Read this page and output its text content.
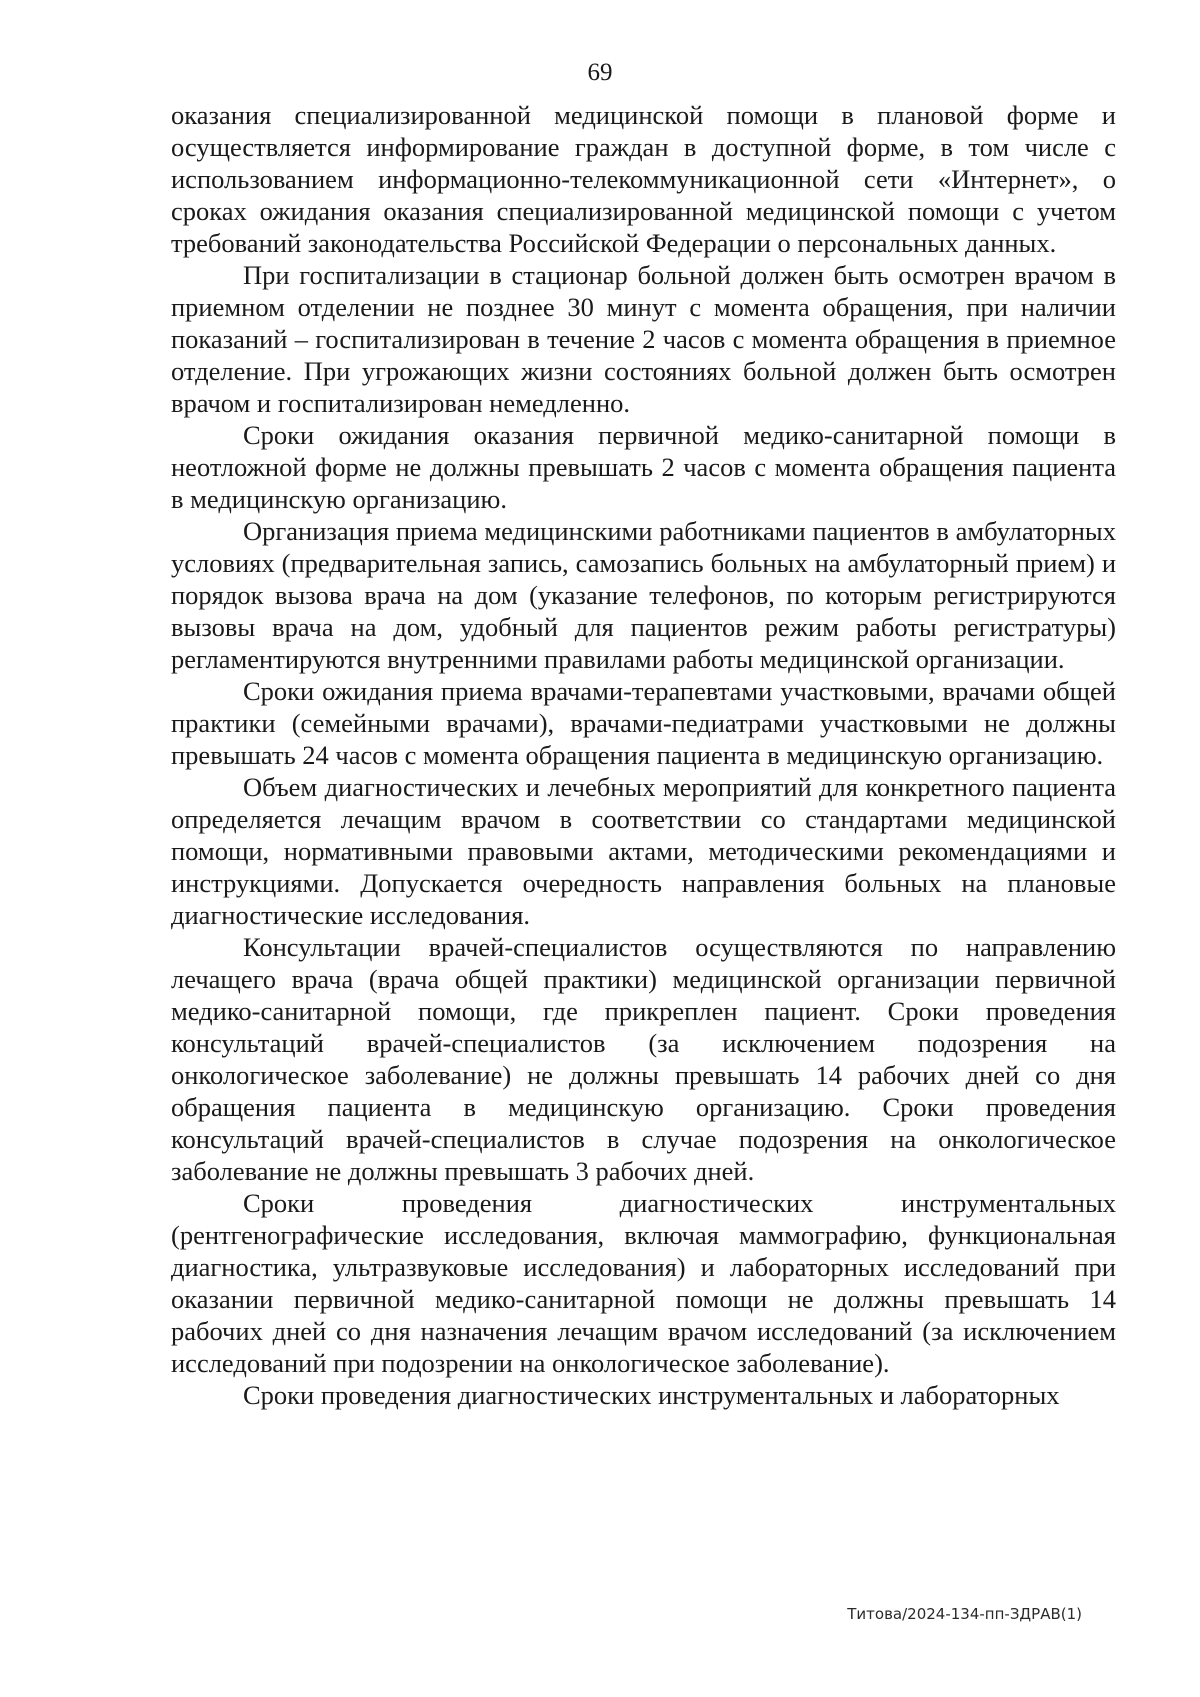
69

оказания специализированной медицинской помощи в плановой форме и осуществляется информирование граждан в доступной форме, в том числе с использованием информационно-телекоммуникационной сети «Интернет», о сроках ожидания оказания специализированной медицинской помощи с учетом требований законодательства Российской Федерации о персональных данных.

При госпитализации в стационар больной должен быть осмотрен врачом в приемном отделении не позднее 30 минут с момента обращения, при наличии показаний – госпитализирован в течение 2 часов с момента обращения в приемное отделение. При угрожающих жизни состояниях больной должен быть осмотрен врачом и госпитализирован немедленно.

Сроки ожидания оказания первичной медико-санитарной помощи в неотложной форме не должны превышать 2 часов с момента обращения пациента в медицинскую организацию.

Организация приема медицинскими работниками пациентов в амбулаторных условиях (предварительная запись, самозапись больных на амбулаторный прием) и порядок вызова врача на дом (указание телефонов, по которым регистрируются вызовы врача на дом, удобный для пациентов режим работы регистратуры) регламентируются внутренними правилами работы медицинской организации.

Сроки ожидания приема врачами-терапевтами участковыми, врачами общей практики (семейными врачами), врачами-педиатрами участковыми не должны превышать 24 часов с момента обращения пациента в медицинскую организацию.

Объем диагностических и лечебных мероприятий для конкретного пациента определяется лечащим врачом в соответствии со стандартами медицинской помощи, нормативными правовыми актами, методическими рекомендациями и инструкциями. Допускается очередность направления больных на плановые диагностические исследования.

Консультации врачей-специалистов осуществляются по направлению лечащего врача (врача общей практики) медицинской организации первичной медико-санитарной помощи, где прикреплен пациент. Сроки проведения консультаций врачей-специалистов (за исключением подозрения на онкологическое заболевание) не должны превышать 14 рабочих дней со дня обращения пациента в медицинскую организацию. Сроки проведения консультаций врачей-специалистов в случае подозрения на онкологическое заболевание не должны превышать 3 рабочих дней.

Сроки проведения диагностических инструментальных (рентгенографические исследования, включая маммографию, функциональная диагностика, ультразвуковые исследования) и лабораторных исследований при оказании первичной медико-санитарной помощи не должны превышать 14 рабочих дней со дня назначения лечащим врачом исследований (за исключением исследований при подозрении на онкологическое заболевание).

Сроки проведения диагностических инструментальных и лабораторных

Титова/2024-134-пп-ЗДРАВ(1)
